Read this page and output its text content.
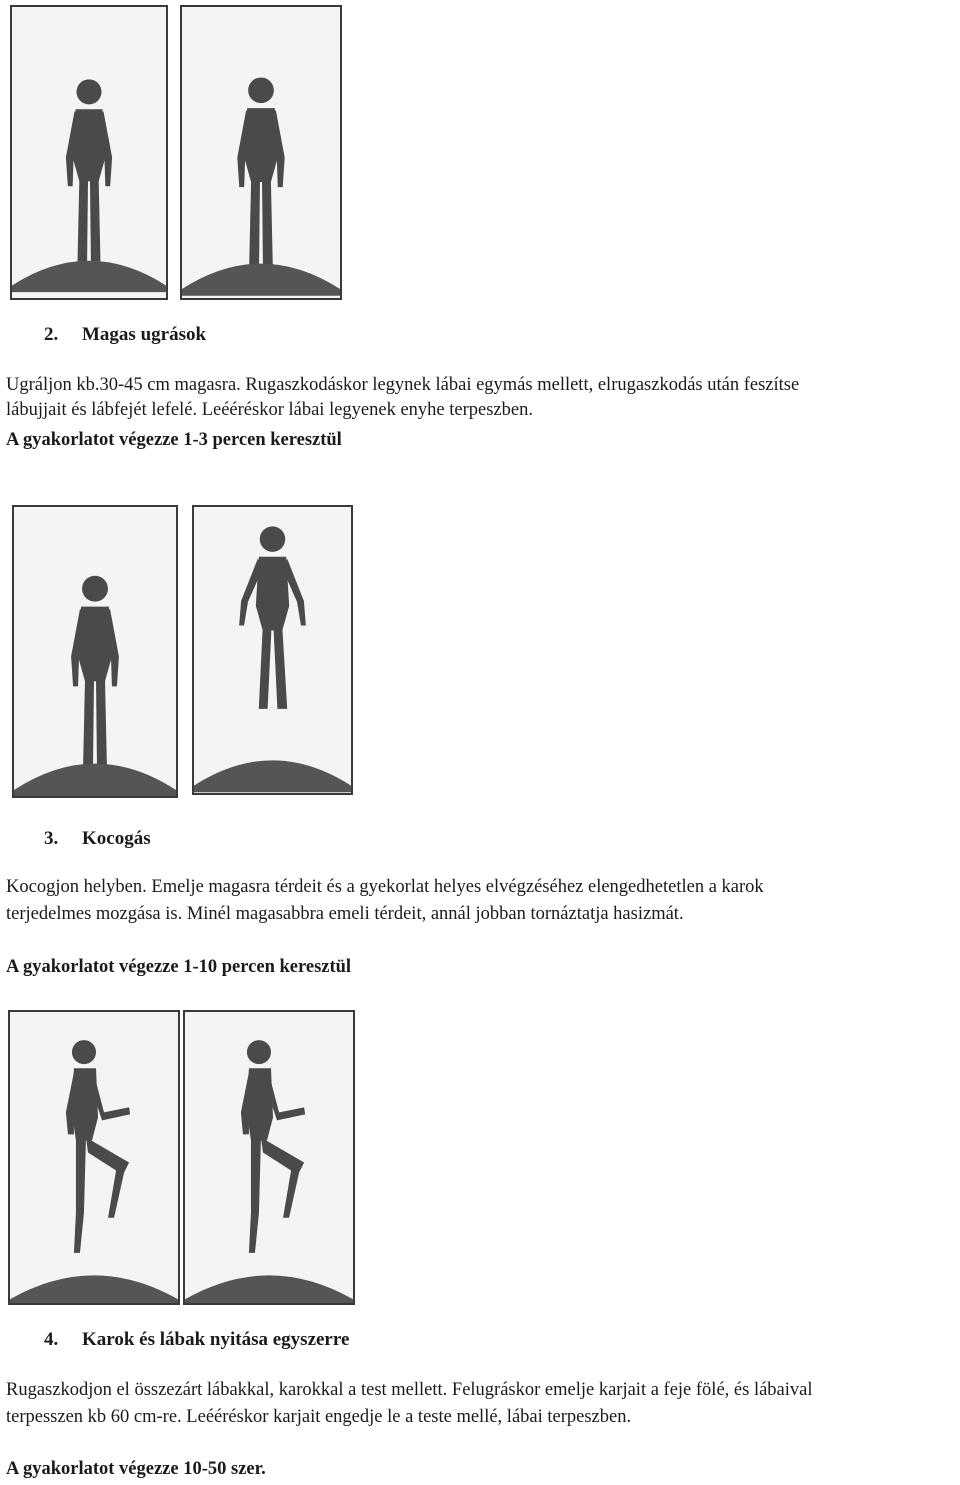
2. Magas ugrások
Ugráljon kb.30-45 cm magasra. Rugaszkodáskor legynek lábai egymás mellett, elrugaszkodás után feszítse
lábujjait és lábfejét lefelé. Leééréskor lábai legyenek enyhe terpeszben.
A gyakorlatot végezze 1-3 percen keresztül
3. Kocogás
Kocogjon helyben. Emelje magasra térdeit és a gyekorlat helyes elvégzéséhez elengedhetetlen a karok
terjedelmes mozgása is. Minél magasabbra emeli térdeit, annál jobban tornáztatja hasizmát.
A gyakorlatot végezze 1-10 percen keresztül
4. Karok és lábak nyitása egyszerre
Rugaszkodjon el összezárt lábakkal, karokkal a test mellett. Felugráskor emelje karjait a feje fölé, és lábaival
terpesszen kb 60 cm-re. Leééréskor karjait engedje le a teste mellé, lábai terpeszben.
A gyakorlatot végezze 10-50 szer.
